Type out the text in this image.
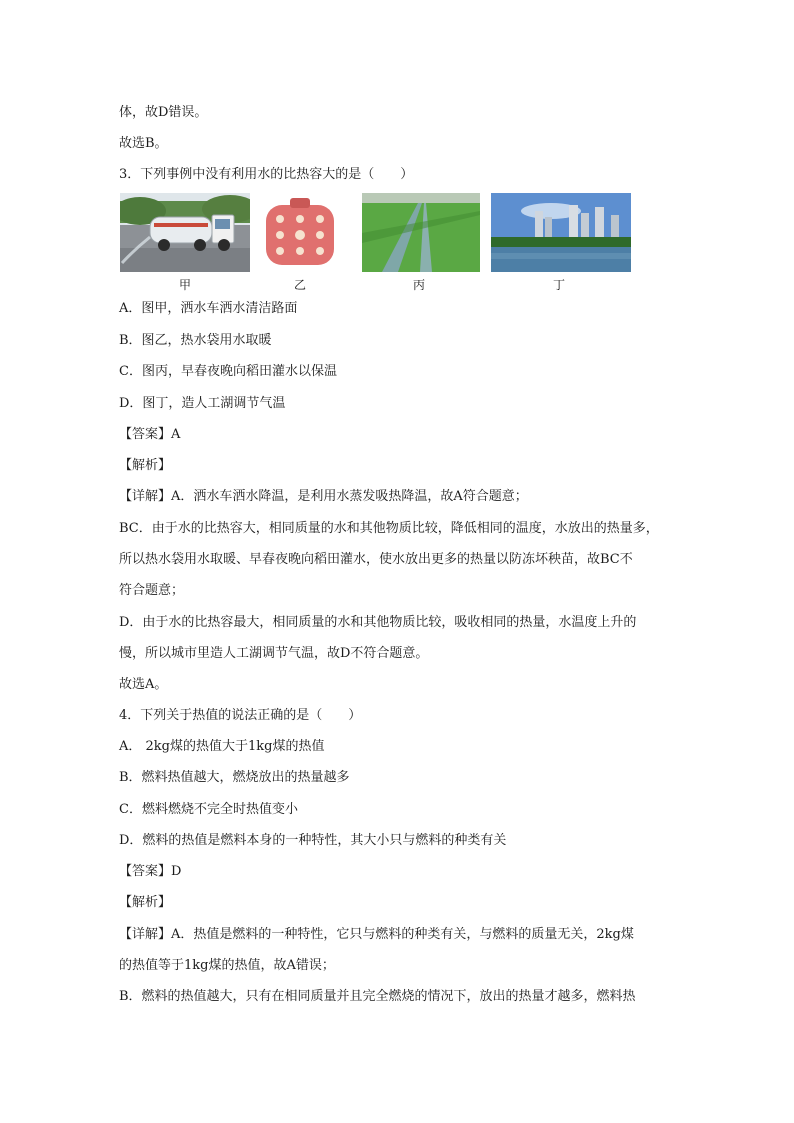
体，故D错误。
故选B。
3．下列事例中没有利用水的比热容大的是（　　）
甲	乙	丙	丁
A．图甲，洒水车洒水清洁路面
B．图乙，热水袋用水取暖
C．图丙，早春夜晚向稻田灌水以保温
D．图丁，造人工湖调节气温
【答案】A
【解析】
【详解】A．洒水车洒水降温，是利用水蒸发吸热降温，故A符合题意；
BC．由于水的比热容大，相同质量的水和其他物质比较，降低相同的温度，水放出的热量多，
所以热水袋用水取暖、早春夜晚向稻田灌水，使水放出更多的热量以防冻坏秧苗，故BC不
符合题意；
D．由于水的比热容最大，相同质量的水和其他物质比较，吸收相同的热量，水温度上升的
慢，所以城市里造人工湖调节气温，故D不符合题意。
故选A。
4．下列关于热值的说法正确的是（　　）
A． 2kg煤的热值大于1kg煤的热值
B．燃料热值越大，燃烧放出的热量越多
C．燃料燃烧不完全时热值变小
D．燃料的热值是燃料本身的一种特性，其大小只与燃料的种类有关
【答案】D
【解析】
【详解】A．热值是燃料的一种特性，它只与燃料的种类有关，与燃料的质量无关，2kg煤
的热值等于1kg煤的热值，故A错误；
B．燃料的热值越大，只有在相同质量并且完全燃烧的情况下，放出的热量才越多，燃料热
